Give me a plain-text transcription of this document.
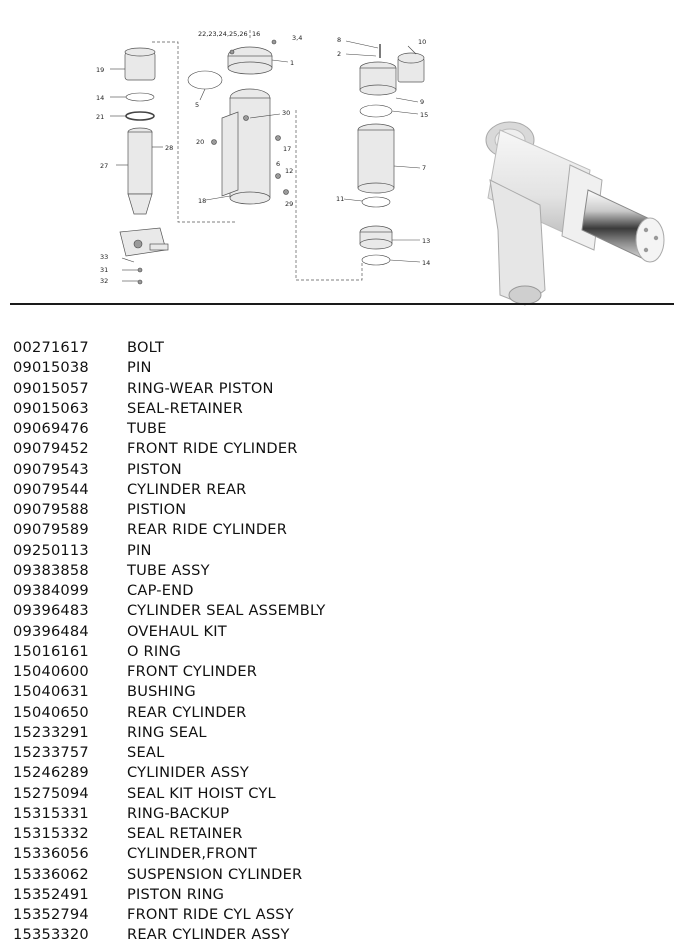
22,23,24,25,26 16	3,4
1
19
5
14
21	30
20
28	17
27	6
12
18	29
33
31
32
8
2
10
9
15
7
11
13
14
00271617	BOLT
09015038	PIN
09015057	RING-WEAR PISTON
09015063	SEAL-RETAINER
09069476	TUBE
09079452	FRONT RIDE CYLINDER
09079543	PISTON
09079544	CYLINDER REAR
09079588	PISTION
09079589	REAR RIDE CYLINDER
09250113	PIN
09383858	TUBE ASSY
09384099	CAP-END
09396483	CYLINDER SEAL ASSEMBLY
09396484	OVEHAUL KIT
15016161	O RING
15040600	FRONT CYLINDER
15040631	BUSHING
15040650	REAR CYLINDER
15233291	RING SEAL
15233757	SEAL
15246289	CYLINIDER ASSY
15275094	SEAL KIT HOIST CYL
15315331	RING-BACKUP
15315332	SEAL RETAINER
15336056	CYLINDER,FRONT
15336062	SUSPENSION CYLINDER
15352491	PISTON RING
15352794	FRONT RIDE CYL ASSY
15353320	REAR CYLINDER ASSY
